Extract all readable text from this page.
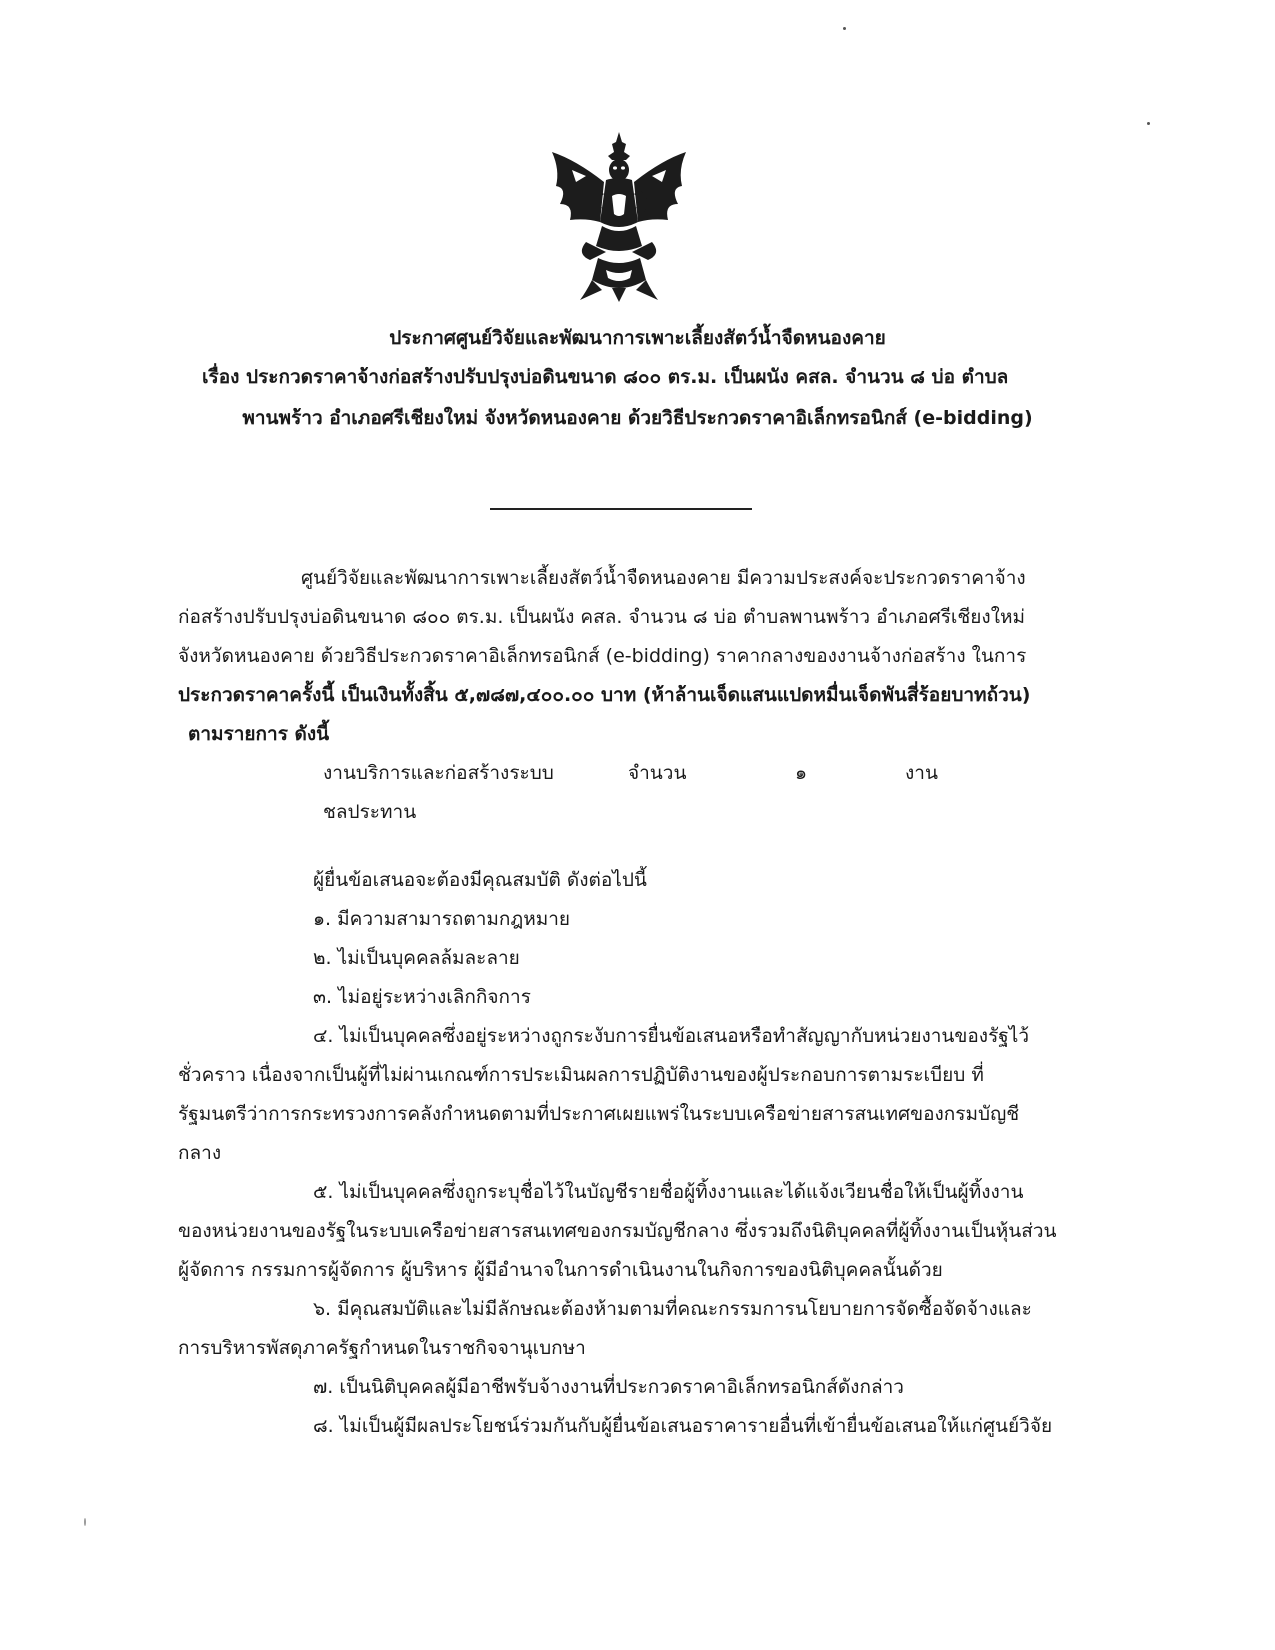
ประกาศศูนย์วิจัยและพัฒนาการเพาะเลี้ยงสัตว์น้ำจืดหนองคาย
เรื่อง ประกวดราคาจ้างก่อสร้างปรับปรุงบ่อดินขนาด ๘๐๐ ตร.ม. เป็นผนัง คสล. จำนวน ๘ บ่อ ตำบล
พานพร้าว อำเภอศรีเชียงใหม่ จังหวัดหนองคาย ด้วยวิธีประกวดราคาอิเล็กทรอนิกส์ (e-bidding)
ศูนย์วิจัยและพัฒนาการเพาะเลี้ยงสัตว์น้ำจืดหนองคาย มีความประสงค์จะประกวดราคาจ้าง
ก่อสร้างปรับปรุงบ่อดินขนาด ๘๐๐ ตร.ม. เป็นผนัง คสล. จำนวน ๘ บ่อ ตำบลพานพร้าว อำเภอศรีเชียงใหม่
จังหวัดหนองคาย ด้วยวิธีประกวดราคาอิเล็กทรอนิกส์ (e-bidding) ราคากลางของงานจ้างก่อสร้าง ในการ
ประกวดราคาครั้งนี้ เป็นเงินทั้งสิ้น ๕,๗๘๗,๔๐๐.๐๐ บาท (ห้าล้านเจ็ดแสนแปดหมื่นเจ็ดพันสี่ร้อยบาทถ้วน)
ตามรายการ ดังนี้
งานบริการและก่อสร้างระบบ	จำนวน	๑	งาน
ชลประทาน
ผู้ยื่นข้อเสนอจะต้องมีคุณสมบัติ ดังต่อไปนี้
๑. มีความสามารถตามกฎหมาย
๒. ไม่เป็นบุคคลล้มละลาย
๓. ไม่อยู่ระหว่างเลิกกิจการ
๔. ไม่เป็นบุคคลซึ่งอยู่ระหว่างถูกระงับการยื่นข้อเสนอหรือทำสัญญากับหน่วยงานของรัฐไว้
ชั่วคราว เนื่องจากเป็นผู้ที่ไม่ผ่านเกณฑ์การประเมินผลการปฏิบัติงานของผู้ประกอบการตามระเบียบ ที่
รัฐมนตรีว่าการกระทรวงการคลังกำหนดตามที่ประกาศเผยแพร่ในระบบเครือข่ายสารสนเทศของกรมบัญชี
กลาง
๕. ไม่เป็นบุคคลซึ่งถูกระบุชื่อไว้ในบัญชีรายชื่อผู้ทิ้งงานและได้แจ้งเวียนชื่อให้เป็นผู้ทิ้งงาน
ของหน่วยงานของรัฐในระบบเครือข่ายสารสนเทศของกรมบัญชีกลาง ซึ่งรวมถึงนิติบุคคลที่ผู้ทิ้งงานเป็นหุ้นส่วน
ผู้จัดการ กรรมการผู้จัดการ ผู้บริหาร ผู้มีอำนาจในการดำเนินงานในกิจการของนิติบุคคลนั้นด้วย
๖. มีคุณสมบัติและไม่มีลักษณะต้องห้ามตามที่คณะกรรมการนโยบายการจัดซื้อจัดจ้างและ
การบริหารพัสดุภาครัฐกำหนดในราชกิจจานุเบกษา
๗. เป็นนิติบุคคลผู้มีอาชีพรับจ้างงานที่ประกวดราคาอิเล็กทรอนิกส์ดังกล่าว
๘. ไม่เป็นผู้มีผลประโยชน์ร่วมกันกับผู้ยื่นข้อเสนอราคารายอื่นที่เข้ายื่นข้อเสนอให้แก่ศูนย์วิจัย
